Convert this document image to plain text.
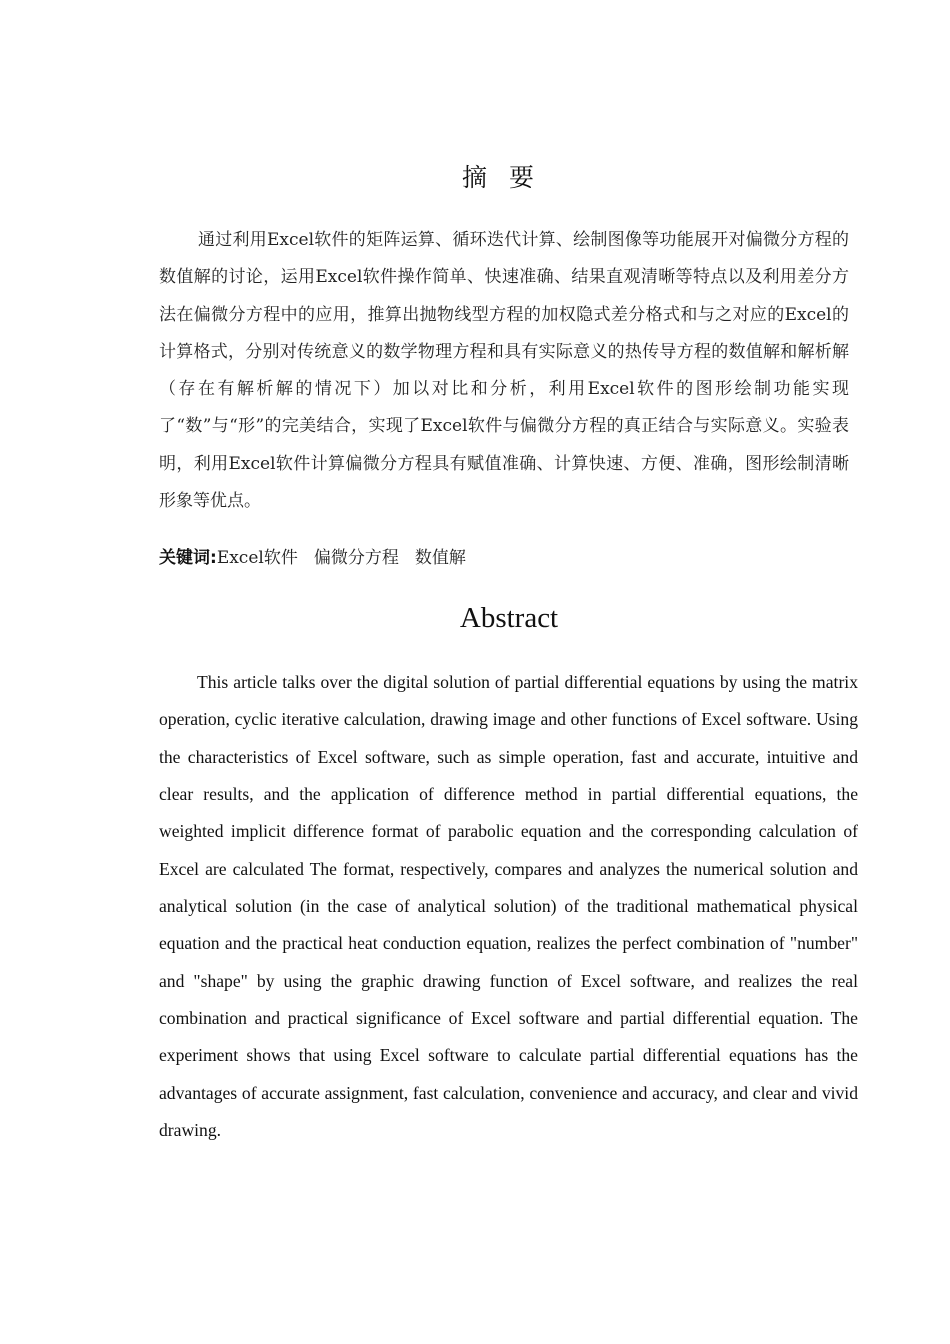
摘要

通过利用Excel软件的矩阵运算、循环迭代计算、绘制图像等功能展开对偏微分方程的数值解的讨论，运用Excel软件操作简单、快速准确、结果直观清晰等特点以及利用差分方法在偏微分方程中的应用，推算出抛物线型方程的加权隐式差分格式和与之对应的Excel的计算格式，分别对传统意义的数学物理方程和具有实际意义的热传导方程的数值解和解析解（存在有解析解的情况下）加以对比和分析，利用Excel软件的图形绘制功能实现了“数”与“形”的完美结合，实现了Excel软件与偏微分方程的真正结合与实际意义。实验表明，利用Excel软件计算偏微分方程具有赋值准确、计算快速、方便、准确，图形绘制清晰形象等优点。

关键词:Excel软件 偏微分方程 数值解
Abstract

This article talks over the digital solution of partial differential equations by using the matrix operation, cyclic iterative calculation, drawing image and other functions of Excel software. Using the characteristics of Excel software, such as simple operation, fast and accurate, intuitive and clear results, and the application of difference method in partial differential equations, the weighted implicit difference format of parabolic equation and the corresponding calculation of Excel are calculated The format, respectively, compares and analyzes the numerical solution and analytical solution (in the case of analytical solution) of the traditional mathematical physical equation and the practical heat conduction equation, realizes the perfect combination of "number" and "shape" by using the graphic drawing function of Excel software, and realizes the real combination and practical significance of Excel software and partial differential equation. The experiment shows that using Excel software to calculate partial differential equations has the advantages of accurate assignment, fast calculation, convenience and accuracy, and clear and vivid drawing.
